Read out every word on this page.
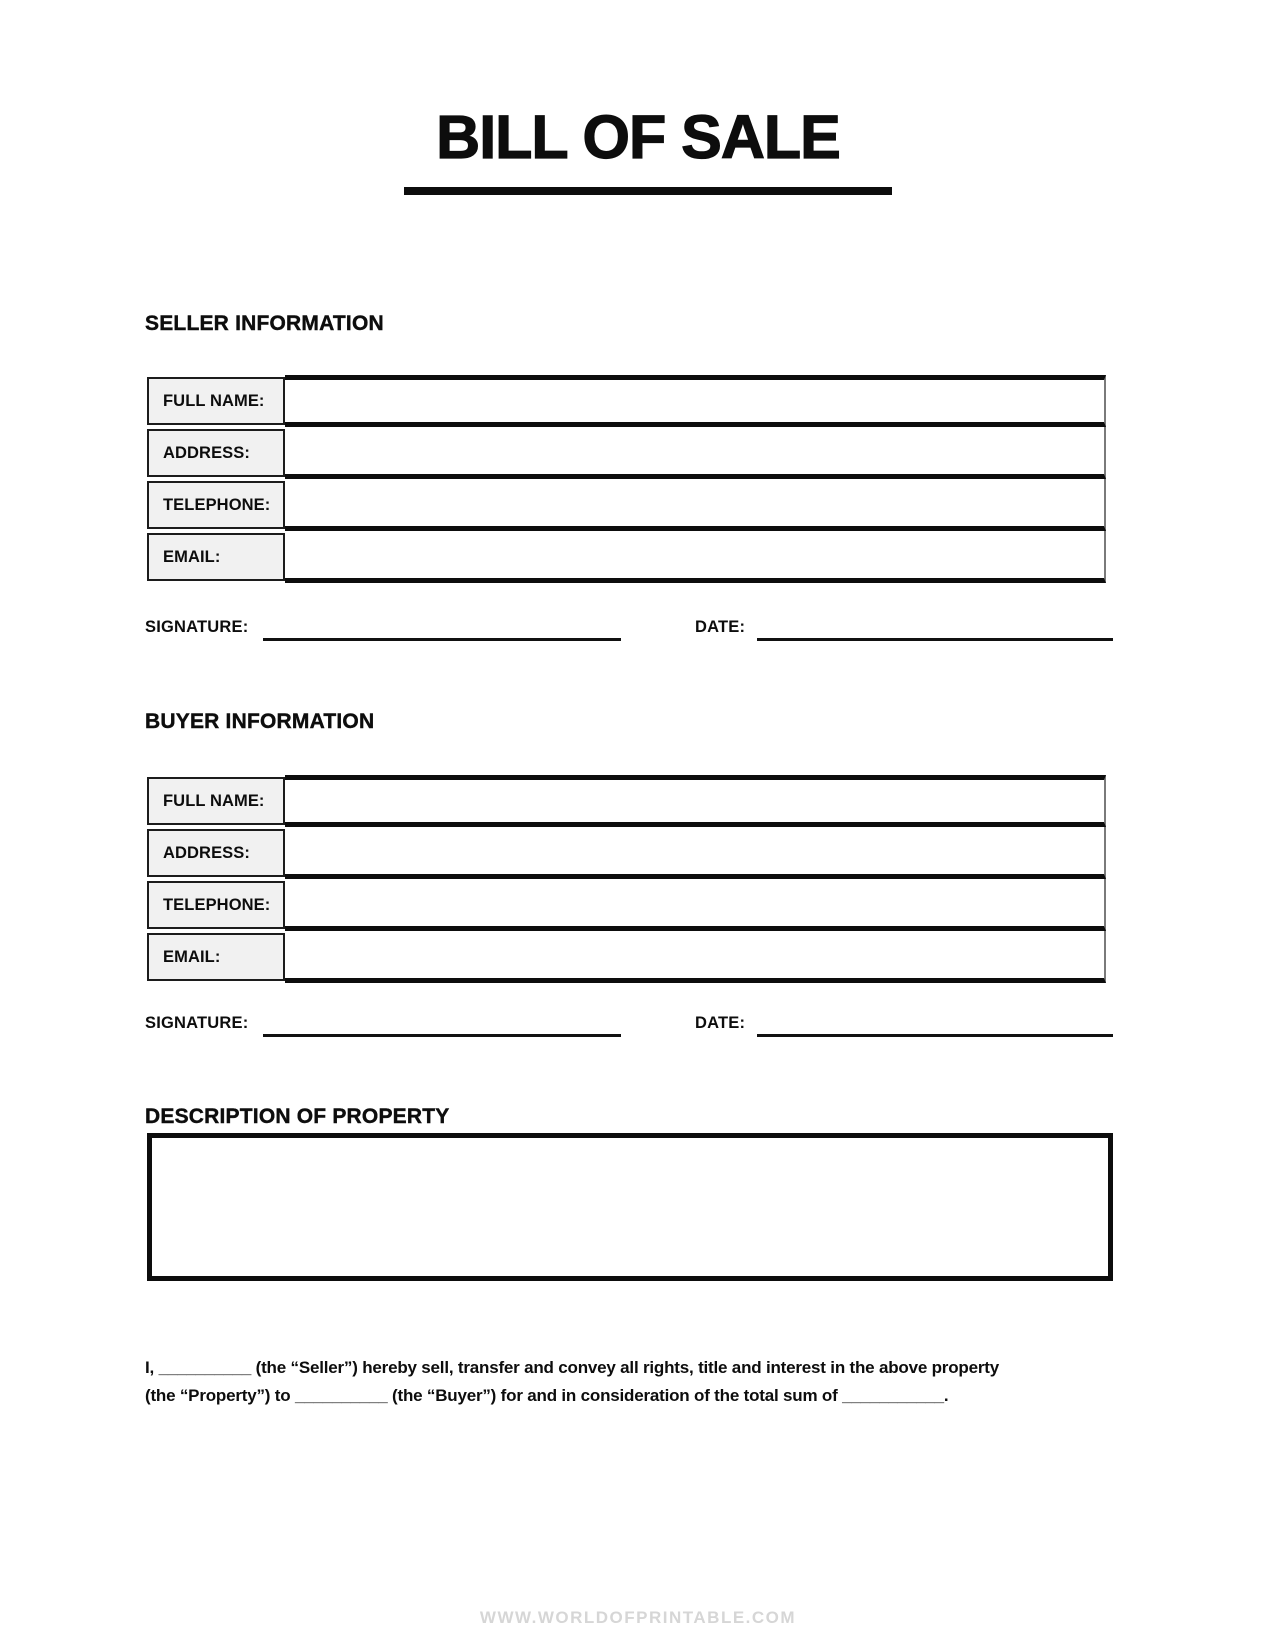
BILL OF SALE
SELLER INFORMATION
FULL NAME:
ADDRESS:
TELEPHONE:
EMAIL:
SIGNATURE:	DATE:
BUYER INFORMATION
FULL NAME:
ADDRESS:
TELEPHONE:
EMAIL:
SIGNATURE:	DATE:
DESCRIPTION OF PROPERTY
I, __________ (the “Seller”) hereby sell, transfer and convey all rights, title and interest in the above property
(the “Property”) to __________ (the “Buyer”) for and in consideration of the total sum of ___________.
WWW.WORLDOFPRINTABLE.COM
